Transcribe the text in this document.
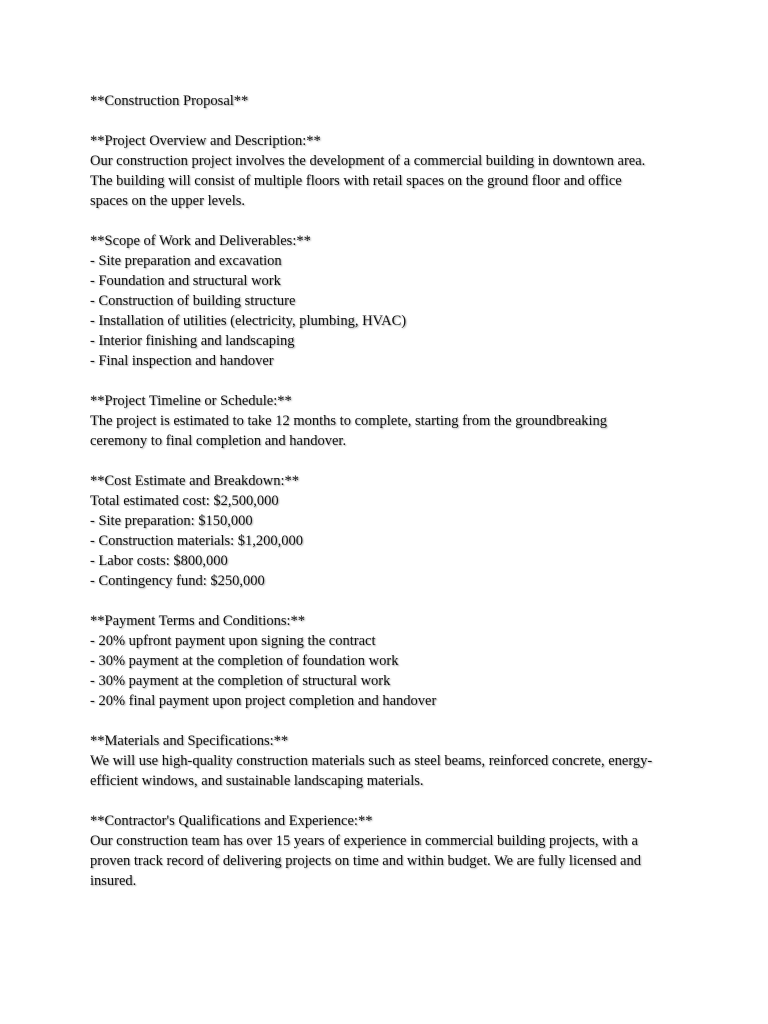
**Construction Proposal**
**Project Overview and Description:**
Our construction project involves the development of a commercial building in downtown area.
The building will consist of multiple floors with retail spaces on the ground floor and office
spaces on the upper levels.
**Scope of Work and Deliverables:**
- Site preparation and excavation
- Foundation and structural work
- Construction of building structure
- Installation of utilities (electricity, plumbing, HVAC)
- Interior finishing and landscaping
- Final inspection and handover
**Project Timeline or Schedule:**
The project is estimated to take 12 months to complete, starting from the groundbreaking
ceremony to final completion and handover.
**Cost Estimate and Breakdown:**
Total estimated cost: $2,500,000
- Site preparation: $150,000
- Construction materials: $1,200,000
- Labor costs: $800,000
- Contingency fund: $250,000
**Payment Terms and Conditions:**
- 20% upfront payment upon signing the contract
- 30% payment at the completion of foundation work
- 30% payment at the completion of structural work
- 20% final payment upon project completion and handover
**Materials and Specifications:**
We will use high-quality construction materials such as steel beams, reinforced concrete, energy-
efficient windows, and sustainable landscaping materials.
**Contractor's Qualifications and Experience:**
Our construction team has over 15 years of experience in commercial building projects, with a
proven track record of delivering projects on time and within budget. We are fully licensed and
insured.
